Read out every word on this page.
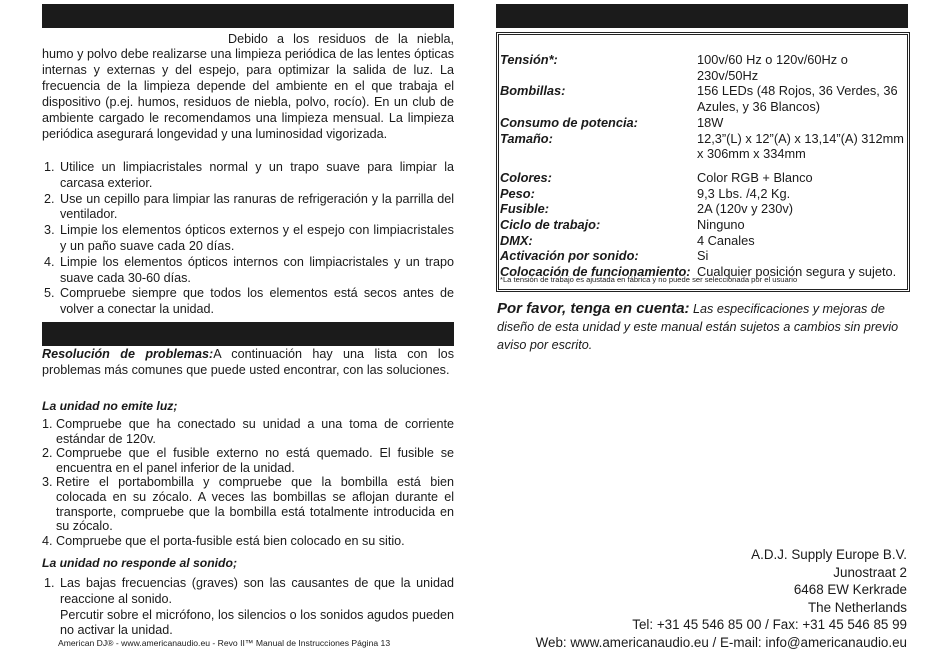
Debido a los residuos de la niebla,
humo y polvo debe realizarse una limpieza periódica de las lentes ópticas internas y externas y del espejo, para optimizar la salida de luz. La frecuencia de la limpieza depende del ambiente en el que trabaja el dispositivo (p.ej. humos, residuos de niebla, polvo, rocío). En un club de ambiente cargado le recomendamos una limpieza mensual. La limpieza periódica asegurará longevidad y una luminosidad vigorizada.
1. Utilice un limpiacristales normal y un trapo suave para limpiar la carcasa exterior.
2. Use un cepillo para limpiar las ranuras de refrigeración y la parrilla del ventilador.
3. Limpie los elementos ópticos externos y el espejo con limpiacristales y un paño suave cada 20 días.
4. Limpie los elementos ópticos internos con limpiacristales y un trapo suave cada 30-60 días.
5. Compruebe siempre que todos los elementos está secos antes de volver a conectar la unidad.
Resolución de problemas:A continuación hay una lista con los problemas más comunes que puede usted encontrar, con las soluciones.
La unidad no emite luz;
1. Compruebe que ha conectado su unidad a una toma de corriente estándar de 120v.
2. Compruebe que el fusible externo no está quemado. El fusible se encuentra en el panel inferior de la unidad.
3. Retire el portabombilla y compruebe que la bombilla está bien colocada en su zócalo. A veces las bombillas se aflojan durante el transporte, compruebe que la bombilla está totalmente introducida en su zócalo.
4. Compruebe que el porta-fusible está bien colocado en su sitio.
La unidad no responde al sonido;
1. Las bajas frecuencias (graves) son las causantes de que la unidad reaccione al sonido.
Percutir sobre el micrófono, los silencios o los sonidos agudos pueden no activar la unidad.
American DJ® - www.americanaudio.eu - Revo II™ Manual de Instrucciones Página 13
Tensión*:	100v/60 Hz o 120v/60Hz o 230v/50Hz
Bombillas:	156 LEDs (48 Rojos, 36 Verdes, 36 Azules, y 36 Blancos)
Consumo de potencia:	18W
Tamaño:	12,3”(L) x 12”(A) x 13,14”(A) 312mm x 306mm x 334mm
Colores:	Color RGB + Blanco
Peso:	9,3 Lbs. /4,2 Kg.
Fusible:	2A (120v y 230v)
Ciclo de trabajo:	Ninguno
DMX:	4 Canales
Activación por sonido:	Si
Colocación de funcionamiento:	Cualquier posición segura y sujeto.
*La tensión de trabajo es ajustada en fábrica y no puede ser seleccionada por el usuario
Por favor, tenga en cuenta: Las especificaciones y mejoras de diseño de esta unidad y este manual están sujetos a cambios sin previo aviso por escrito.
A.D.J. Supply Europe B.V.
Junostraat 2
6468 EW Kerkrade
The Netherlands
Tel: +31 45 546 85 00 / Fax: +31 45 546 85 99
Web: www.americanaudio.eu / E-mail: info@americanaudio.eu
